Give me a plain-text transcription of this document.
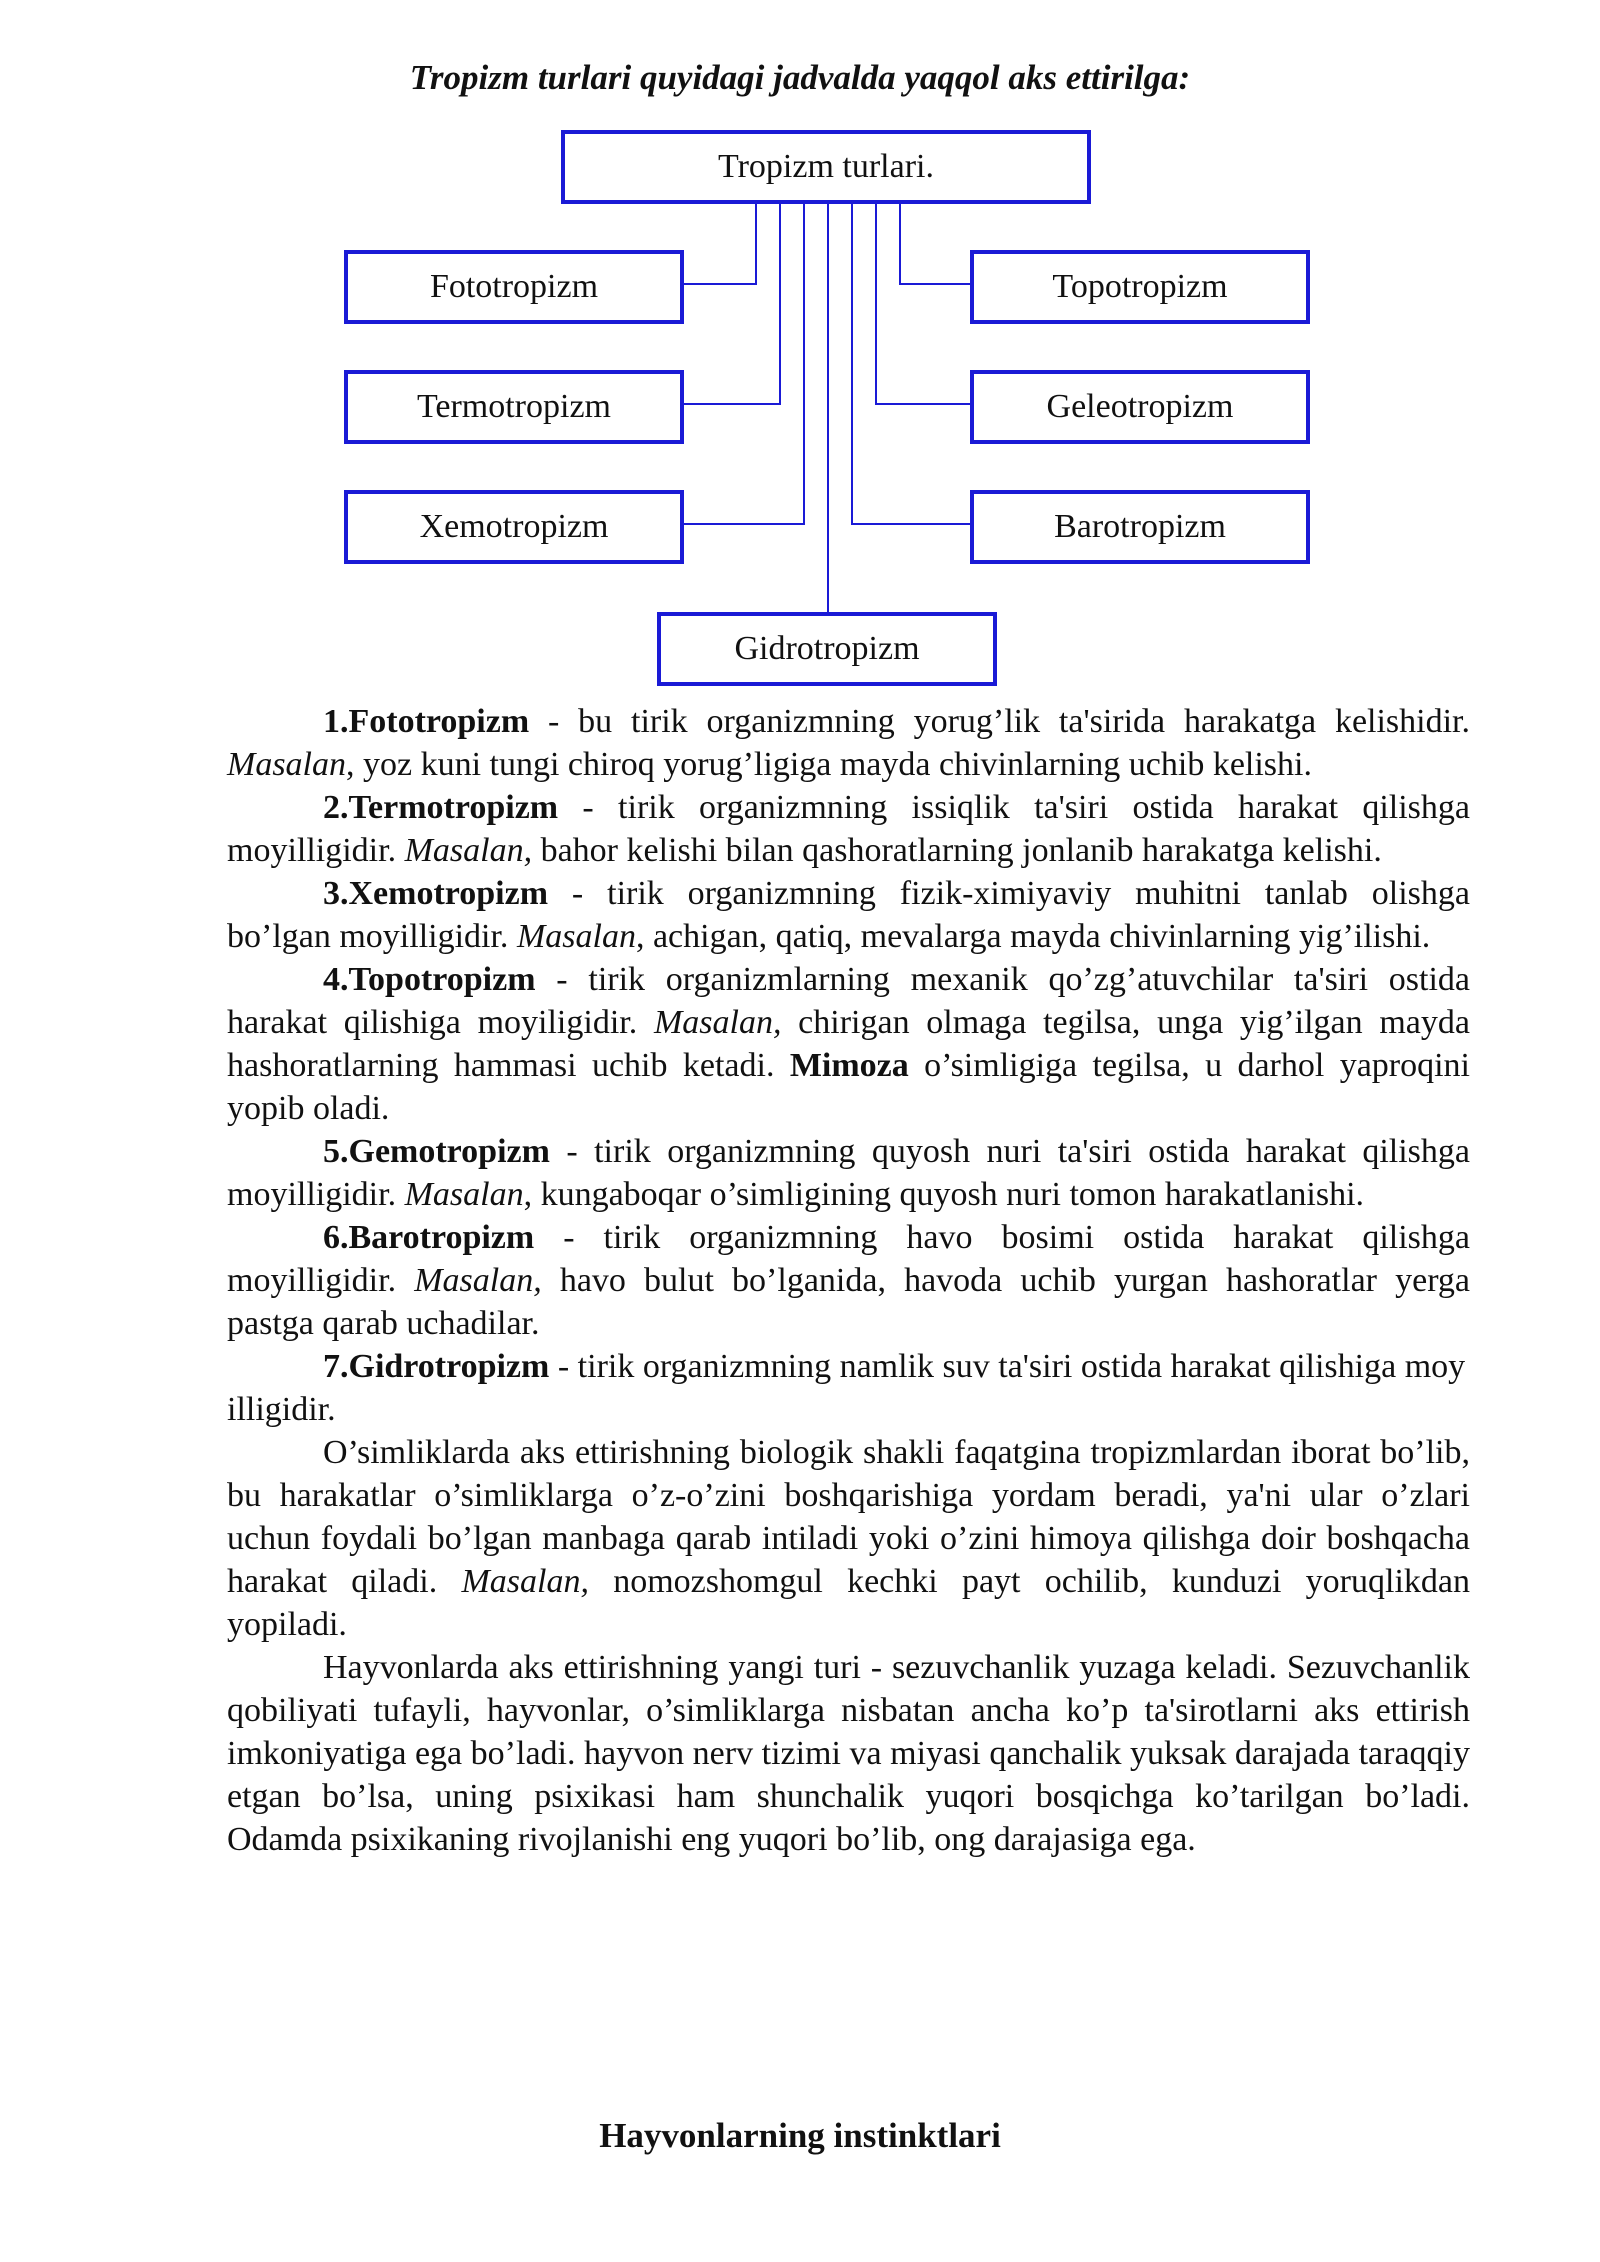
Tropizm turlari quyidagi jadvalda yaqqol aks ettirilga:
Tropizm turlari.
Fototropizm
Termotropizm
Xemotropizm
Topotropizm
Geleotropizm
Barotropizm
Gidrotropizm

1.Fototropizm - bu tirik organizmning yorug’lik ta'sirida harakatga kelishidir. Masalan, yoz kuni tungi chiroq yorug’ligiga mayda chivinlarning uchib kelishi.

2.Termotropizm - tirik organizmning issiqlik ta'siri ostida harakat qilishga moyilligidir. Masalan, bahor kelishi bilan qashoratlarning jonlanib harakatga kelishi.

3.Xemotropizm - tirik organizmning fizik-ximiyaviy muhitni tanlab olishga bo’lgan moyilligidir. Masalan, achigan, qatiq, mevalarga mayda chivinlarning yig’ilishi.

4.Topotropizm - tirik organizmlarning mexanik qo’zg’atuvchilar ta'siri ostida harakat qilishiga moyiligidir. Masalan, chirigan olmaga tegilsa, unga yig’ilgan mayda hashoratlarning hammasi uchib ketadi. Mimoza o’simligiga tegilsa, u darhol yaproqini yopib oladi.

5.Gemotropizm - tirik organizmning quyosh nuri ta'siri ostida harakat qilishga moyilligidir. Masalan, kungaboqar o’simligining quyosh nuri tomon harakatlanishi.

6.Barotropizm - tirik organizmning havo bosimi ostida harakat qilishga moyilligidir. Masalan, havo bulut bo’lganida, havoda uchib yurgan hashoratlar yerga pastga qarab uchadilar.

7.Gidrotropizm - tirik organizmning namlik suv ta'siri ostida harakat qilishiga moy

illigidir.

O’simliklarda aks ettirishning biologik shakli faqatgina tropizmlardan iborat bo’lib, bu harakatlar o’simliklarga o’z-o’zini boshqarishiga yordam beradi, ya'ni ular o’zlari uchun foydali bo’lgan manbaga qarab intiladi yoki o’zini himoya qilishga doir boshqacha harakat qiladi. Masalan, nomozshomgul kechki payt ochilib, kunduzi yoruqlikdan yopiladi.

Hayvonlarda aks ettirishning yangi turi - sezuvchanlik yuzaga keladi. Sezuvchanlik qobiliyati tufayli, hayvonlar, o’simliklarga nisbatan ancha ko’p ta'sirotlarni aks ettirish imkoniyatiga ega bo’ladi. hayvon nerv tizimi va miyasi qanchalik yuksak darajada taraqqiy etgan bo’lsa, uning psixikasi ham shunchalik yuqori bosqichga ko’tarilgan bo’ladi. Odamda psixikaning rivojlanishi eng yuqori bo’lib, ong darajasiga ega.

Hayvonlarning instinktlari
